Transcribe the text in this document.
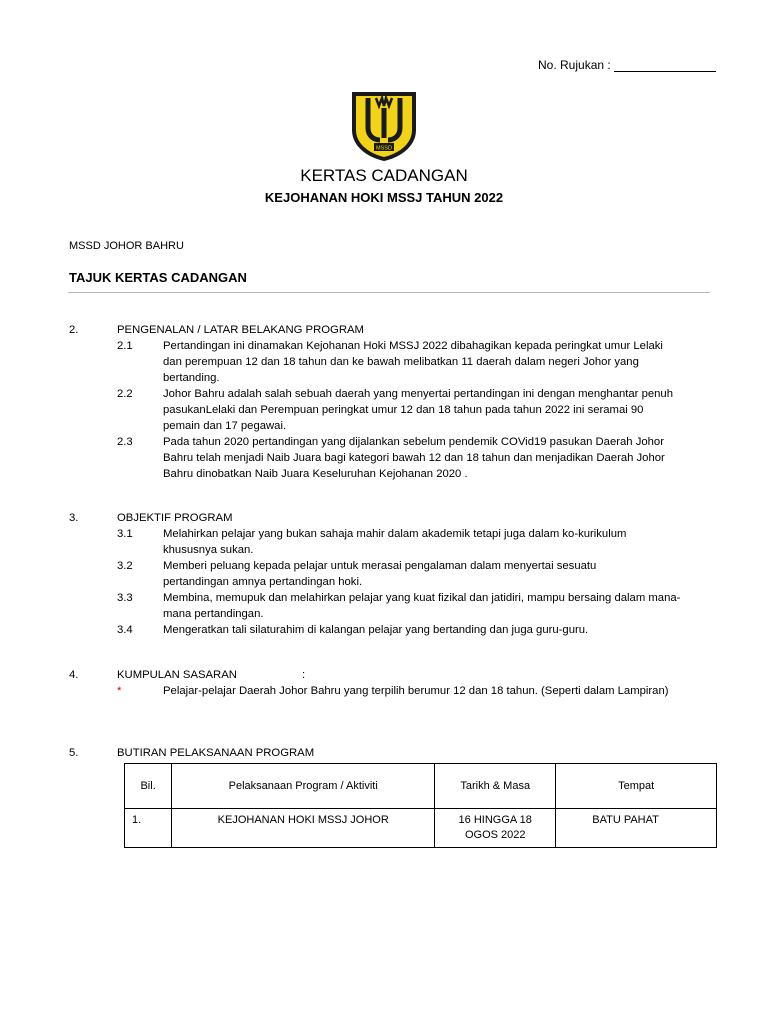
No. Rujukan :
MSSD
KERTAS CADANGAN
KEJOHANAN HOKI MSSJ TAHUN 2022
MSSD JOHOR BAHRU
TAJUK KERTAS CADANGAN
2.	PENGENALAN / LATAR BELAKANG PROGRAM
2.1	Pertandingan ini dinamakan Kejohanan Hoki MSSJ 2022 dibahagikan kepada peringkat umur Lelaki
dan perempuan 12 dan 18 tahun dan ke bawah melibatkan 11 daerah dalam negeri Johor yang
bertanding.
2.2	Johor Bahru adalah salah sebuah daerah yang menyertai pertandingan ini dengan menghantar penuh
pasukanLelaki dan Perempuan peringkat umur 12 dan 18 tahun pada tahun 2022 ini seramai 90
pemain dan 17 pegawai.
2.3	Pada tahun 2020 pertandingan yang dijalankan sebelum pendemik COVid19 pasukan Daerah Johor
Bahru telah menjadi Naib Juara bagi kategori bawah 12 dan 18 tahun dan menjadikan Daerah Johor
Bahru dinobatkan Naib Juara Keseluruhan Kejohanan 2020 .
3.	OBJEKTIF PROGRAM
3.1	Melahirkan pelajar yang bukan sahaja mahir dalam akademik tetapi juga dalam ko-kurikulum
khususnya sukan.
3.2	Memberi peluang kepada pelajar untuk merasai pengalaman dalam menyertai sesuatu
pertandingan amnya pertandingan hoki.
3.3	Membina, memupuk dan melahirkan pelajar yang kuat fizikal dan jatidiri, mampu bersaing dalam mana-
mana pertandingan.
3.4	Mengeratkan tali silaturahim di kalangan pelajar yang bertanding dan juga guru-guru.
4.	KUMPULAN SASARAN	:
*	Pelajar-pelajar Daerah Johor Bahru yang terpilih berumur 12 dan 18 tahun. (Seperti dalam Lampiran)
5.	BUTIRAN PELAKSANAAN PROGRAM
Bil.	Pelaksanaan Program / Aktiviti	Tarikh & Masa	Tempat
1.	KEJOHANAN HOKI MSSJ JOHOR	16 HINGGA 18
OGOS 2022	BATU PAHAT
